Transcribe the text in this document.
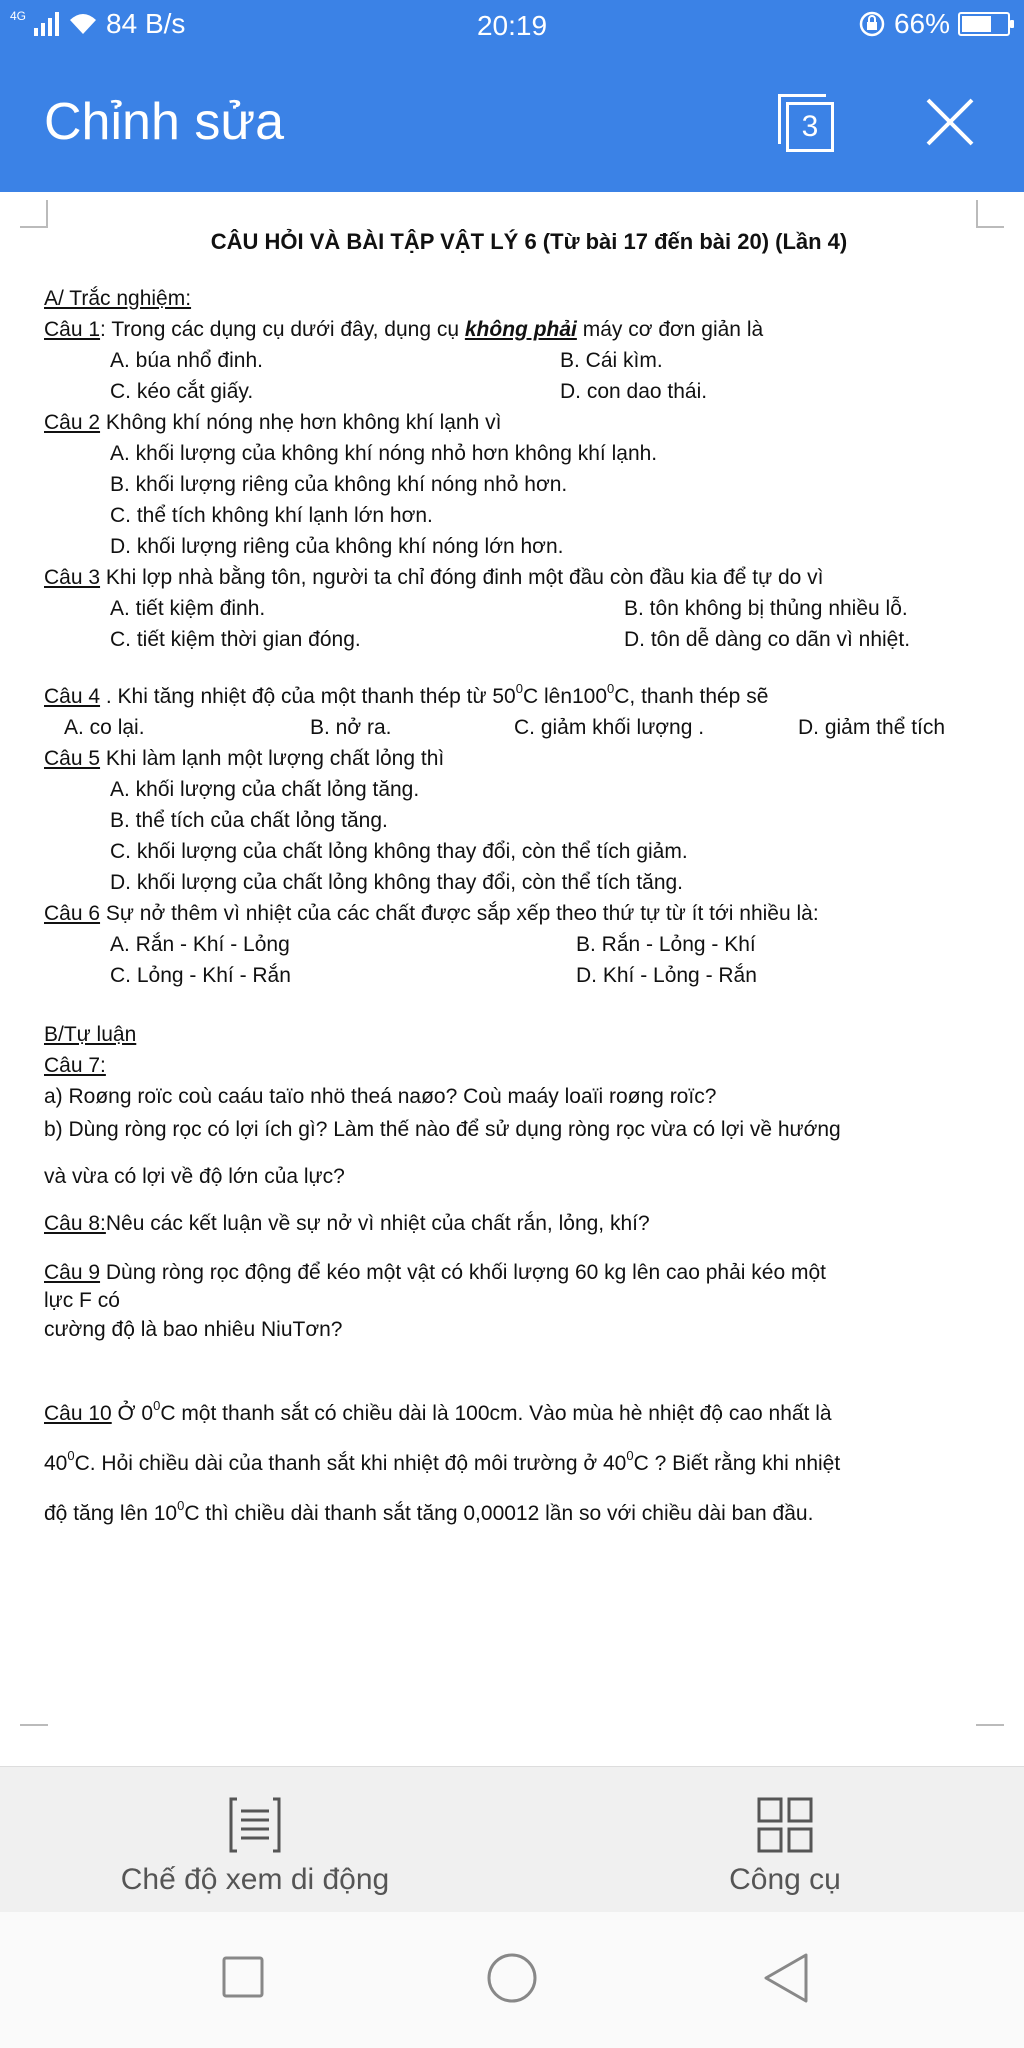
4G	84 B/s	20:19	66%
Chỉnh sửa	3
CÂU HỎI VÀ BÀI TẬP VẬT LÝ 6 (Từ bài 17 đến bài 20) (Lần 4)
A/ Trắc nghiệm:
Câu 1: Trong các dụng cụ dưới đây, dụng cụ không phải máy cơ đơn giản là
A. búa nhổ đinh.	B. Cái kìm.
C. kéo cắt giấy.	D. con dao thái.
Câu 2 Không khí nóng nhẹ hơn không khí lạnh vì
A. khối lượng của không khí nóng nhỏ hơn không khí lạnh.
B. khối lượng riêng của không khí nóng nhỏ hơn.
C. thể tích không khí lạnh lớn hơn.
D. khối lượng riêng của không khí nóng lớn hơn.
Câu 3 Khi lợp nhà bằng tôn, người ta chỉ đóng đinh một đầu còn đầu kia để tự do vì
A. tiết kiệm đinh.	B. tôn không bị thủng nhiều lỗ.
C. tiết kiệm thời gian đóng.	D. tôn dễ dàng co dãn vì nhiệt.
Câu 4 . Khi tăng nhiệt độ của một thanh thép từ $50^0C$ $lên100^0C$, thanh thép sẽ
A. co lại.	B. nở ra.	C. giảm khối lượng .	D. giảm thể tích
Câu 5 Khi làm lạnh một lượng chất lỏng thì
A. khối lượng của chất lỏng tăng.
B. thể tích của chất lỏng tăng.
C. khối lượng của chất lỏng không thay đổi, còn thể tích giảm.
D. khối lượng của chất lỏng không thay đổi, còn thể tích tăng.
Câu 6 Sự nở thêm vì nhiệt của các chất được sắp xếp theo thứ tự từ ít tới nhiều là:
A. Rắn - Khí - Lỏng	B. Rắn - Lỏng - Khí
C. Lỏng - Khí - Rắn	D. Khí - Lỏng - Rắn
B/Tự luận
Câu 7:
a) Roøng roïc coù caáu taïo nhö theá naøo? Coù maáy loaïi roøng roïc?
b) Dùng ròng rọc có lợi ích gì? Làm thế nào để sử dụng ròng rọc vừa có lợi về hướng
và vừa có lợi về độ lớn của lực?
Câu 8:Nêu các kết luận về sự nở vì nhiệt của chất rắn, lỏng, khí?
Câu 9 Dùng ròng rọc động để kéo một vật có khối lượng 60 kg lên cao phải kéo một
lực F có
cường độ là bao nhiêu NiuTơn?
Câu 10 Ở $0^0C$ một thanh sắt có chiều dài là 100cm. Vào mùa hè nhiệt độ cao nhất là
$40^0C$. Hỏi chiều dài của thanh sắt khi nhiệt độ môi trường ở $40^0C$ ? Biết rằng khi nhiệt
độ tăng lên $10^0C$ thì chiều dài thanh sắt tăng 0,00012 lần so với chiều dài ban đầu.
Chế độ xem di động	Công cụ
